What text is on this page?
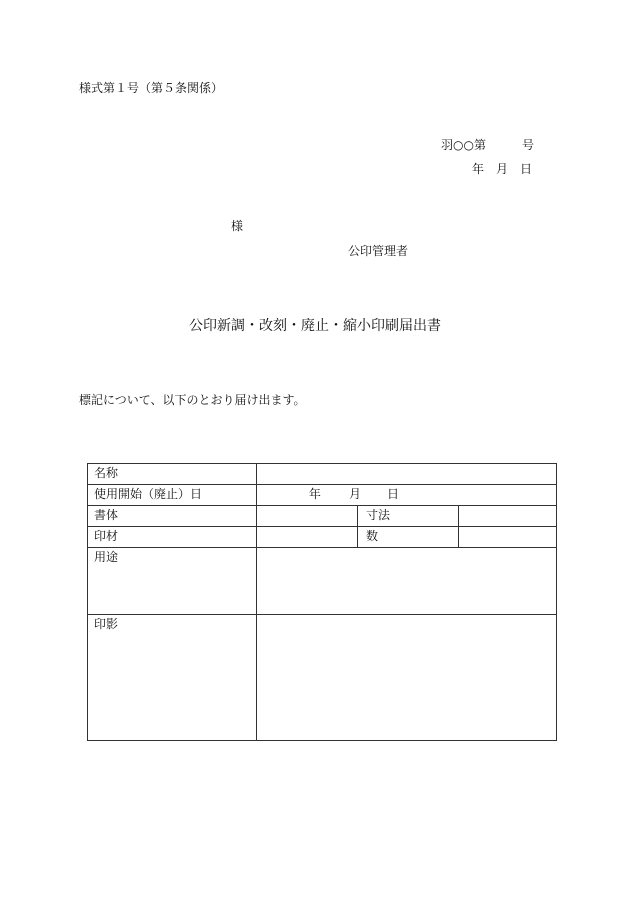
様式第１号（第５条関係）
羽○○第　　　号
年　月　日
様
公印管理者
公印新調・改刻・廃止・縮小印刷届出書
標記について、以下のとおり届け出ます。
名称			
使用開始（廃止）日	年 月 日		
書体		寸法	
印材		数	
用途			
印影			
